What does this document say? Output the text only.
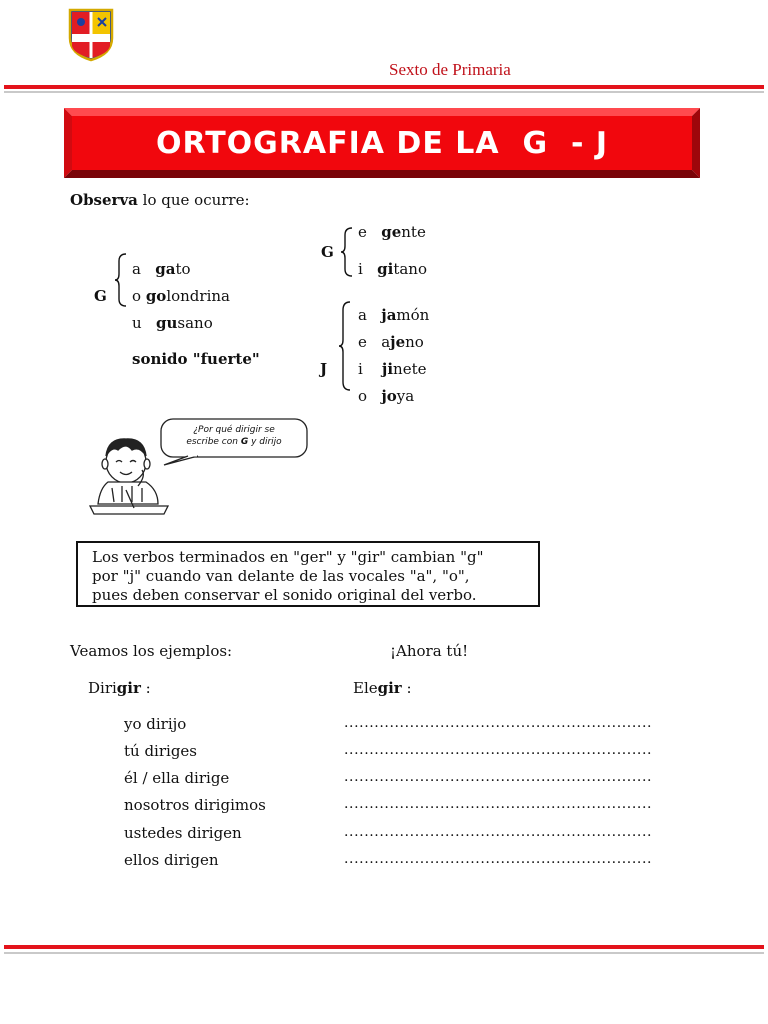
Sexto de Primaria
ORTOGRAFIA DE LA  G  - J
Observa lo que ocurre:
G
a gato
o golondrina
u gusano
sonido "fuerte"
G
e gente
i gitano
J
a jamón
e ajeno
i jinete
o joya
¿Por qué dirigir se
escribe con G y dirijo
Los verbos terminados en "ger" y "gir" cambian "g"
por "j" cuando van delante de las vocales "a", "o",
pues deben conservar el sonido original del verbo.
Veamos los ejemplos:	¡Ahora tú!
Dirigir :	Elegir :
yo dirijo
tú diriges
él / ella dirige
nosotros dirigimos
ustedes dirigen
ellos dirigen
.............................................................
.............................................................
.............................................................
.............................................................
.............................................................
.............................................................
